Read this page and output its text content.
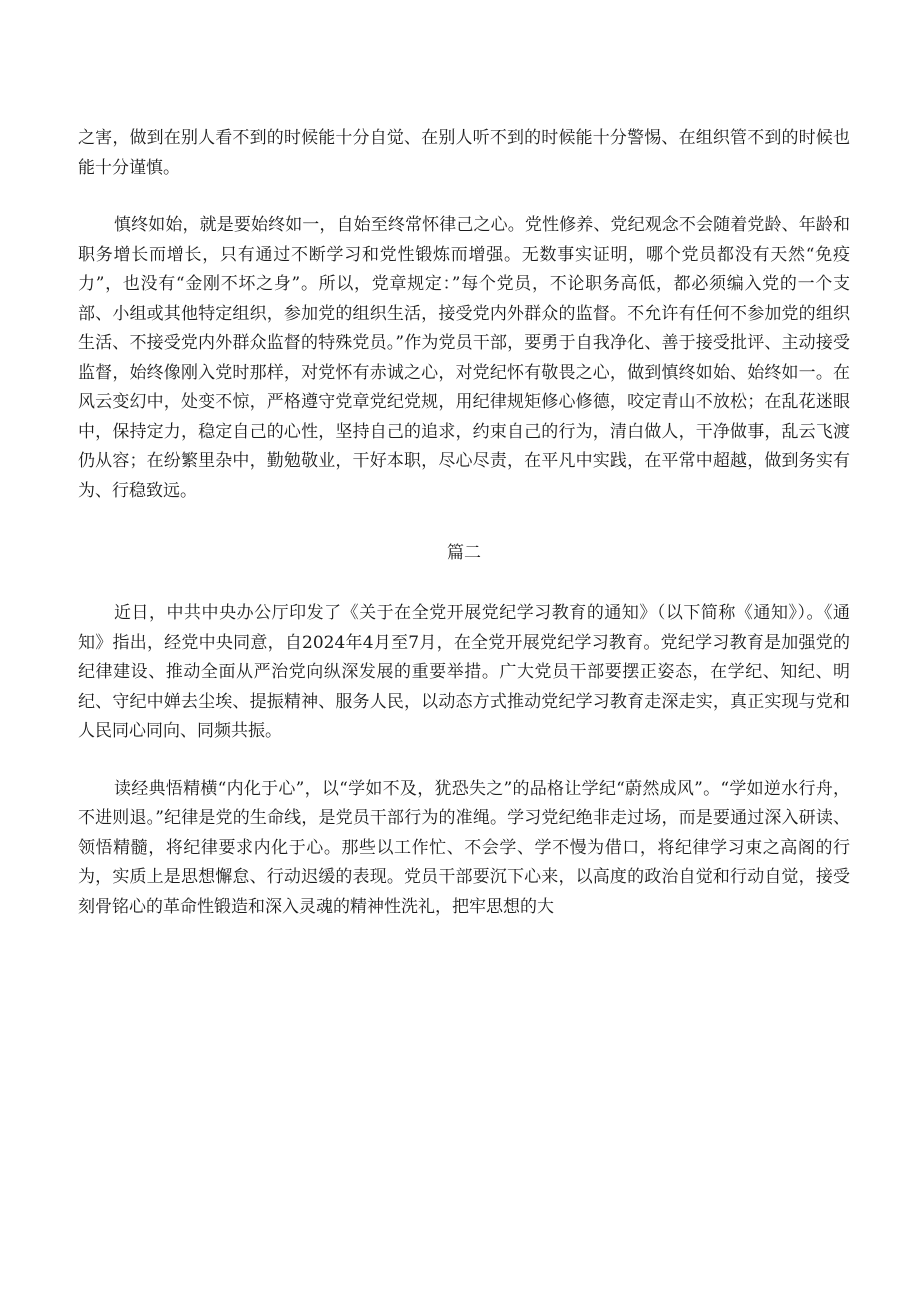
之害，做到在别人看不到的时候能十分自觉、在别人听不到的时候能十分警惕、在组织管不到的时候也能十分谨慎。

慎终如始，就是要始终如一，自始至终常怀律己之心。党性修养、党纪观念不会随着党龄、年龄和职务增长而增长，只有通过不断学习和党性锻炼而增强。无数事实证明，哪个党员都没有天然“免疫力”，也没有“金刚不坏之身”。所以，党章规定：”每个党员，不论职务高低，都必须编入党的一个支部、小组或其他特定组织，参加党的组织生活，接受党内外群众的监督。不允许有任何不参加党的组织生活、不接受党内外群众监督的特殊党员。”作为党员干部，要勇于自我净化、善于接受批评、主动接受监督，始终像刚入党时那样，对党怀有赤诚之心，对党纪怀有敬畏之心，做到慎终如始、始终如一。在风云变幻中，处变不惊，严格遵守党章党纪党规，用纪律规矩修心修德，咬定青山不放松；在乱花迷眼中，保持定力，稳定自己的心性，坚持自己的追求，约束自己的行为，清白做人，干净做事，乱云飞渡仍从容；在纷繁里杂中，勤勉敬业，干好本职，尽心尽责，在平凡中实践，在平常中超越，做到务实有为、行稳致远。

篇二

近日，中共中央办公厅印发了《关于在全党开展党纪学习教育的通知》（以下简称《通知》）。《通知》指出，经党中央同意，自2024年4月至7月，在全党开展党纪学习教育。党纪学习教育是加强党的纪律建设、推动全面从严治党向纵深发展的重要举措。广大党员干部要摆正姿态，在学纪、知纪、明纪、守纪中婵去尘埃、提振精神、服务人民，以动态方式推动党纪学习教育走深走实，真正实现与党和人民同心同向、同频共振。

读经典悟精横“内化于心”，以“学如不及，犹恐失之”的品格让学纪“蔚然成风”。“学如逆水行舟，不进则退。”纪律是党的生命线，是党员干部行为的准绳。学习党纪绝非走过场，而是要通过深入研读、领悟精髓，将纪律要求内化于心。那些以工作忙、不会学、学不慢为借口，将纪律学习束之高阁的行为，实质上是思想懈怠、行动迟缓的表现。党员干部要沉下心来，以高度的政治自觉和行动自觉，接受刻骨铭心的革命性锻造和深入灵魂的精神性洗礼，把牢思想的大
